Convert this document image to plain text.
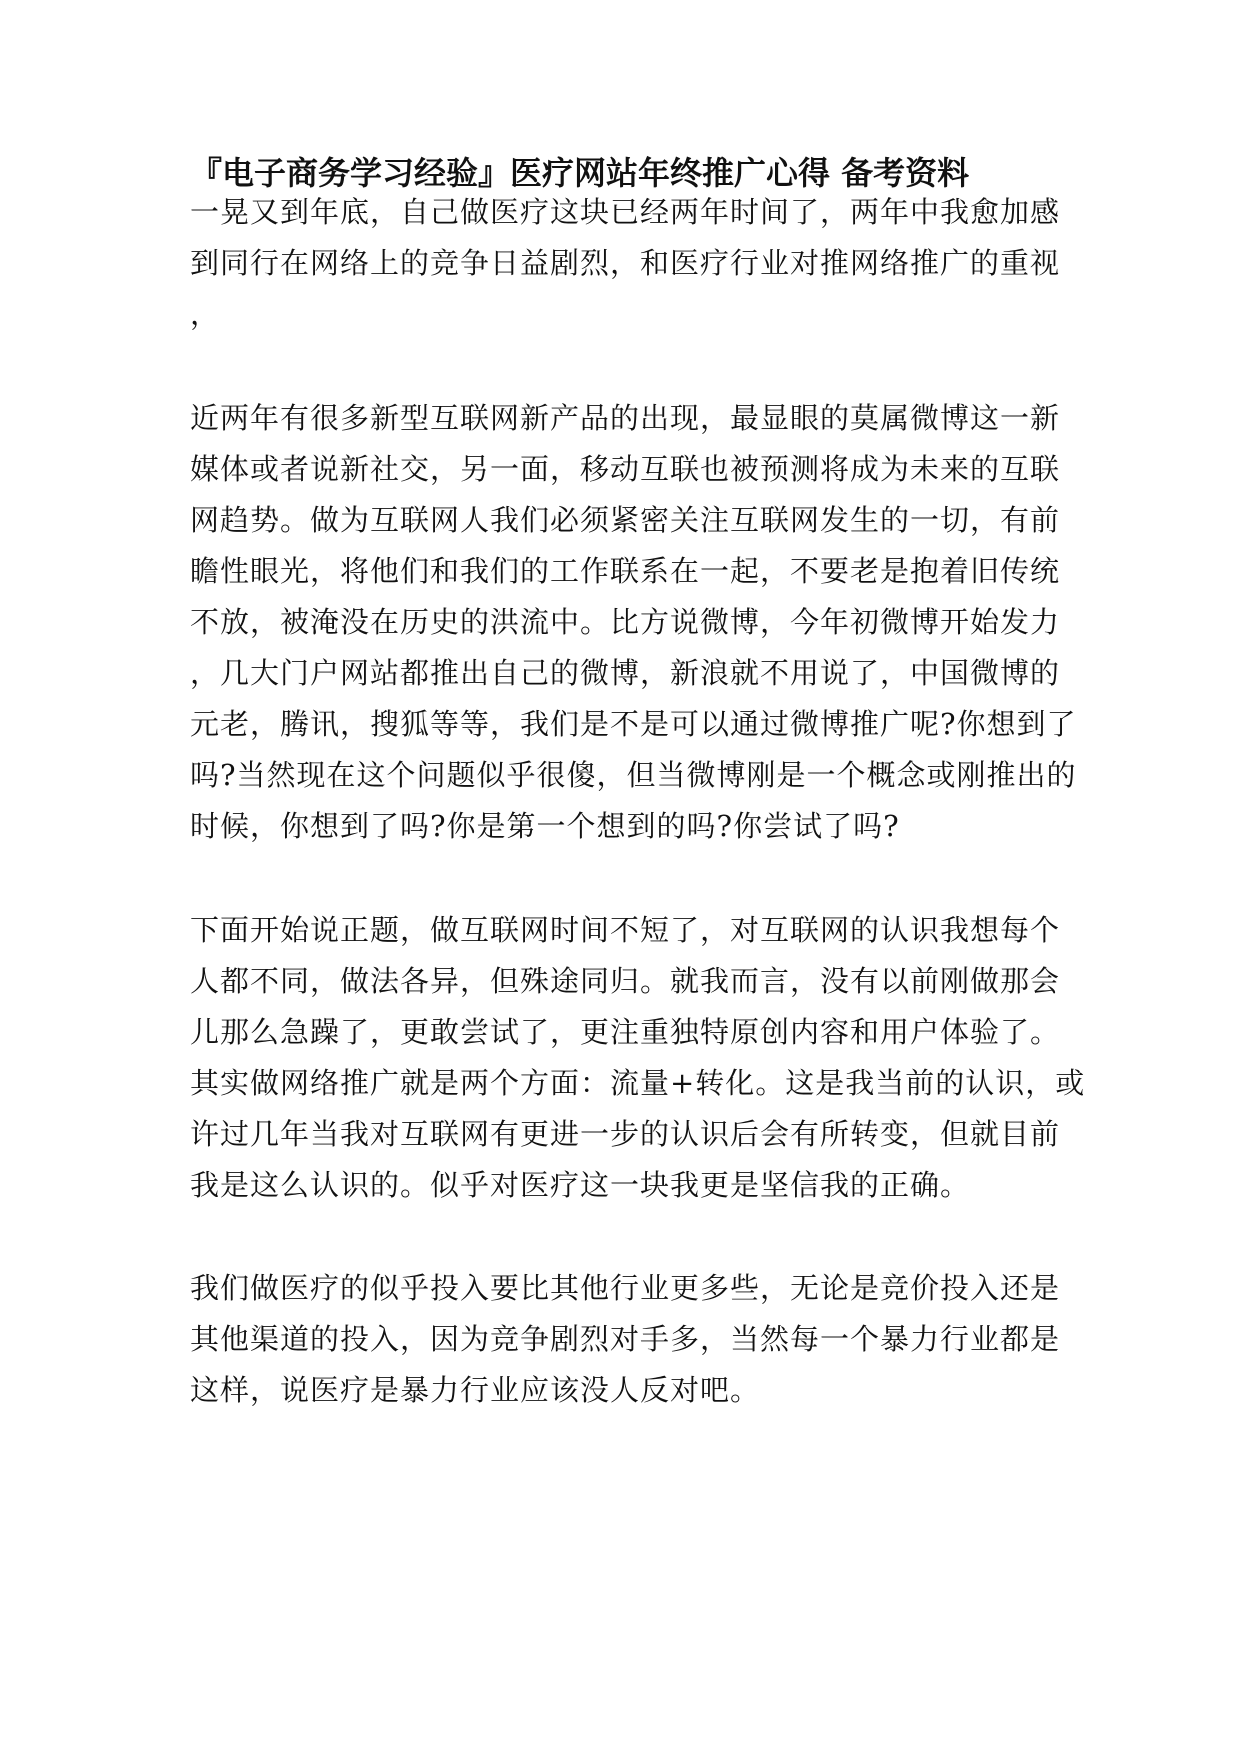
『电子商务学习经验』医疗网站年终推广心得 备考资料

一晃又到年底，自己做医疗这块已经两年时间了，两年中我愈加感

到同行在网络上的竞争日益剧烈，和医疗行业对推网络推广的重视

，

近两年有很多新型互联网新产品的出现，最显眼的莫属微博这一新

媒体或者说新社交，另一面，移动互联也被预测将成为未来的互联

网趋势。做为互联网人我们必须紧密关注互联网发生的一切，有前

瞻性眼光，将他们和我们的工作联系在一起，不要老是抱着旧传统

不放，被淹没在历史的洪流中。比方说微博，今年初微博开始发力

，几大门户网站都推出自己的微博，新浪就不用说了，中国微博的

元老，腾讯，搜狐等等，我们是不是可以通过微博推广呢?你想到了

吗?当然现在这个问题似乎很傻，但当微博刚是一个概念或刚推出的

时候，你想到了吗?你是第一个想到的吗?你尝试了吗?

下面开始说正题，做互联网时间不短了，对互联网的认识我想每个

人都不同，做法各异，但殊途同归。就我而言，没有以前刚做那会

儿那么急躁了，更敢尝试了，更注重独特原创内容和用户体验了。

其实做网络推广就是两个方面：流量+转化。这是我当前的认识，或

许过几年当我对互联网有更进一步的认识后会有所转变，但就目前

我是这么认识的。似乎对医疗这一块我更是坚信我的正确。

我们做医疗的似乎投入要比其他行业更多些，无论是竞价投入还是

其他渠道的投入，因为竞争剧烈对手多，当然每一个暴力行业都是

这样，说医疗是暴力行业应该没人反对吧。
